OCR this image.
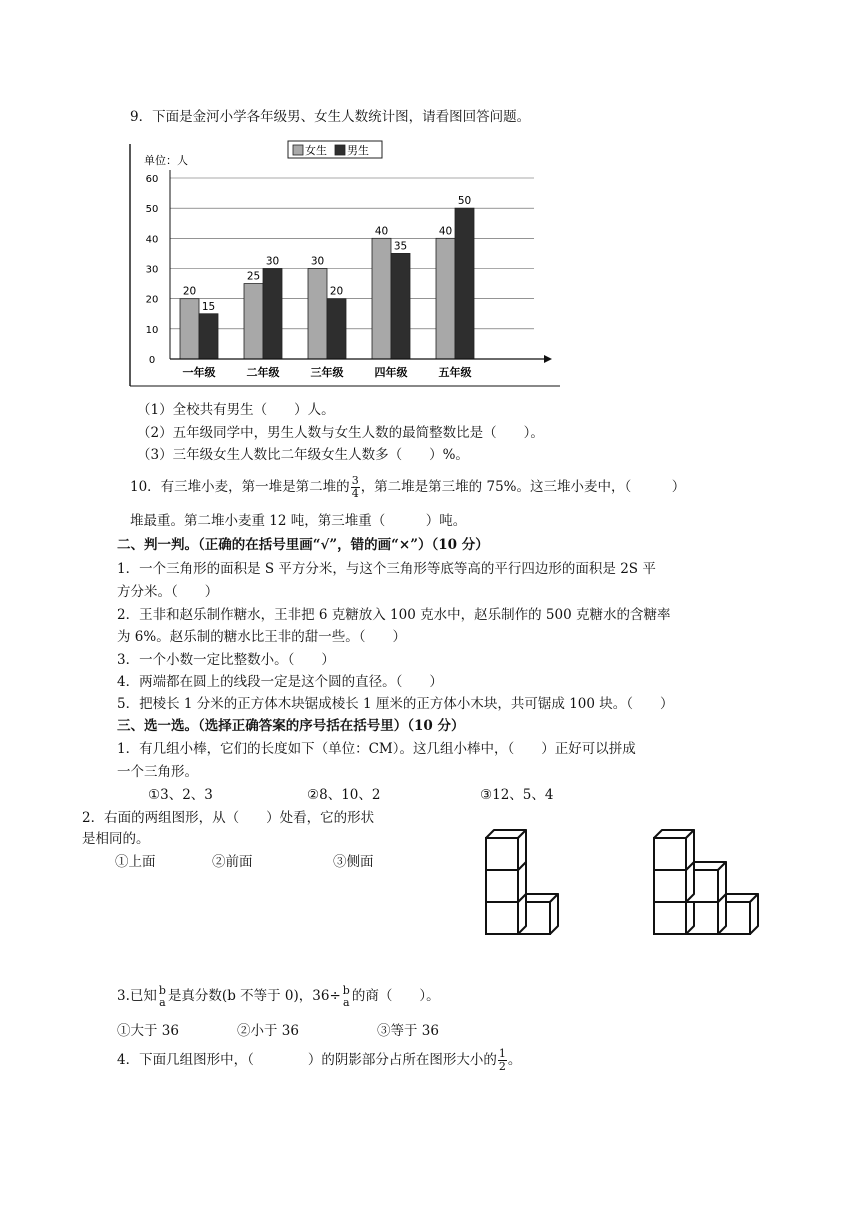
9．下面是金河小学各年级男、女生人数统计图，请看图回答问题。
0
10
20
30
40
50
60
20
15
一年级
25
30
二年级
30
20
三年级
40
35
四年级
40
50
五年级
单位：人
女生 男生
（1）全校共有男生（　　）人。
（2）五年级同学中，男生人数与女生人数的最简整数比是（　　）。
（3）三年级女生人数比二年级女生人数多（　　）%。
10．有三堆小麦，第一堆是第二堆的 $\frac{3}{4}$ ，第二堆是第三堆的 75%。这三堆小麦中，（　　　）
堆最重。第二堆小麦重 12 吨，第三堆重（　　　）吨。
二、判一判。（正确的在括号里画“√”，错的画“×”）（10 分）
1．一个三角形的面积是 S 平方分米，与这个三角形等底等高的平行四边形的面积是 2S 平
方分米。（　　）
2．王非和赵乐制作糖水，王非把 6 克糖放入 100 克水中，赵乐制作的 500 克糖水的含糖率
为 6%。赵乐制的糖水比王非的甜一些。（　　）
3．一个小数一定比整数小。（　　）
4．两端都在圆上的线段一定是这个圆的直径。（　　）
5．把棱长 1 分米的正方体木块锯成棱长 1 厘米的正方体小木块，共可锯成 100 块。（　　）
三、选一选。（选择正确答案的序号括在括号里）（10 分）
1．有几组小棒，它们的长度如下（单位：CM）。这几组小棒中，（　　）正好可以拼成
一个三角形。
①3、2、3	②8、10、2	③12、5、4
2．右面的两组图形，从（　　）处看，它的形状
是相同的。
①上面	②前面	③侧面
3.已知 b
a 是真分数(b 不等于 0)，36÷ b
a 的商（　　）。
①大于 36	②小于 36	③等于 36
4．下面几组图形中，（　　　　）的阴影部分占所在图形大小的 $\frac{1}{2}$ 。
